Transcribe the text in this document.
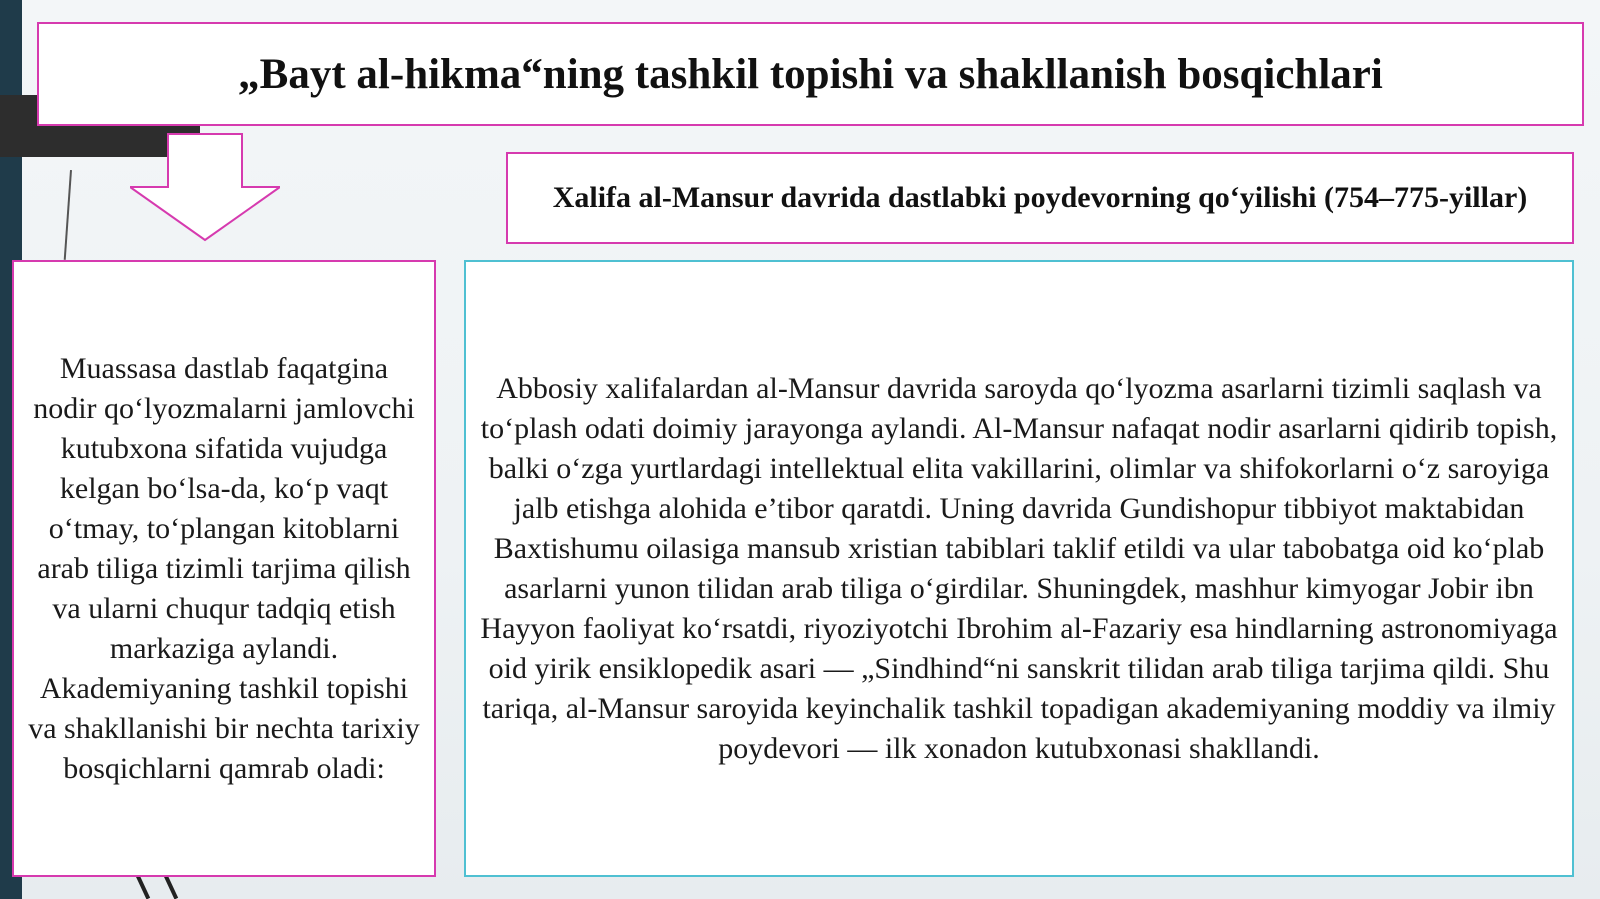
„Bayt al-hikma“ning tashkil topishi va shakllanish bosqichlari
Xalifa al-Mansur davrida dastlabki poydevorning qo‘yilishi (754–775-yillar)
Muassasa dastlab faqatgina nodir qo‘lyozmalarni jamlovchi kutubxona sifatida vujudga kelgan bo‘lsa-da, ko‘p vaqt o‘tmay, to‘plangan kitoblarni arab tiliga tizimli tarjima qilish va ularni chuqur tadqiq etish markaziga aylandi. Akademiyaning tashkil topishi va shakllanishi bir nechta tarixiy bosqichlarni qamrab oladi:
Abbosiy xalifalardan al-Mansur davrida saroyda qo‘lyozma asarlarni tizimli saqlash va to‘plash odati doimiy jarayonga aylandi. Al-Mansur nafaqat nodir asarlarni qidirib topish, balki o‘zga yurtlardagi intellektual elita vakillarini, olimlar va shifokorlarni o‘z saroyiga jalb etishga alohida e’tibor qaratdi. Uning davrida Gundishopur tibbiyot maktabidan Baxtishumu oilasiga mansub xristian tabiblari taklif etildi va ular tabobatga oid ko‘plab asarlarni yunon tilidan arab tiliga o‘girdilar. Shuningdek, mashhur kimyogar Jobir ibn Hayyon faoliyat ko‘rsatdi, riyoziyotchi Ibrohim al-Fazariy esa hindlarning astronomiyaga oid yirik ensiklopedik asari — „Sindhind“ni sanskrit tilidan arab tiliga tarjima qildi. Shu tariqa, al-Mansur saroyida keyinchalik tashkil topadigan akademiyaning moddiy va ilmiy poydevori — ilk xonadon kutubxonasi shakllandi.
